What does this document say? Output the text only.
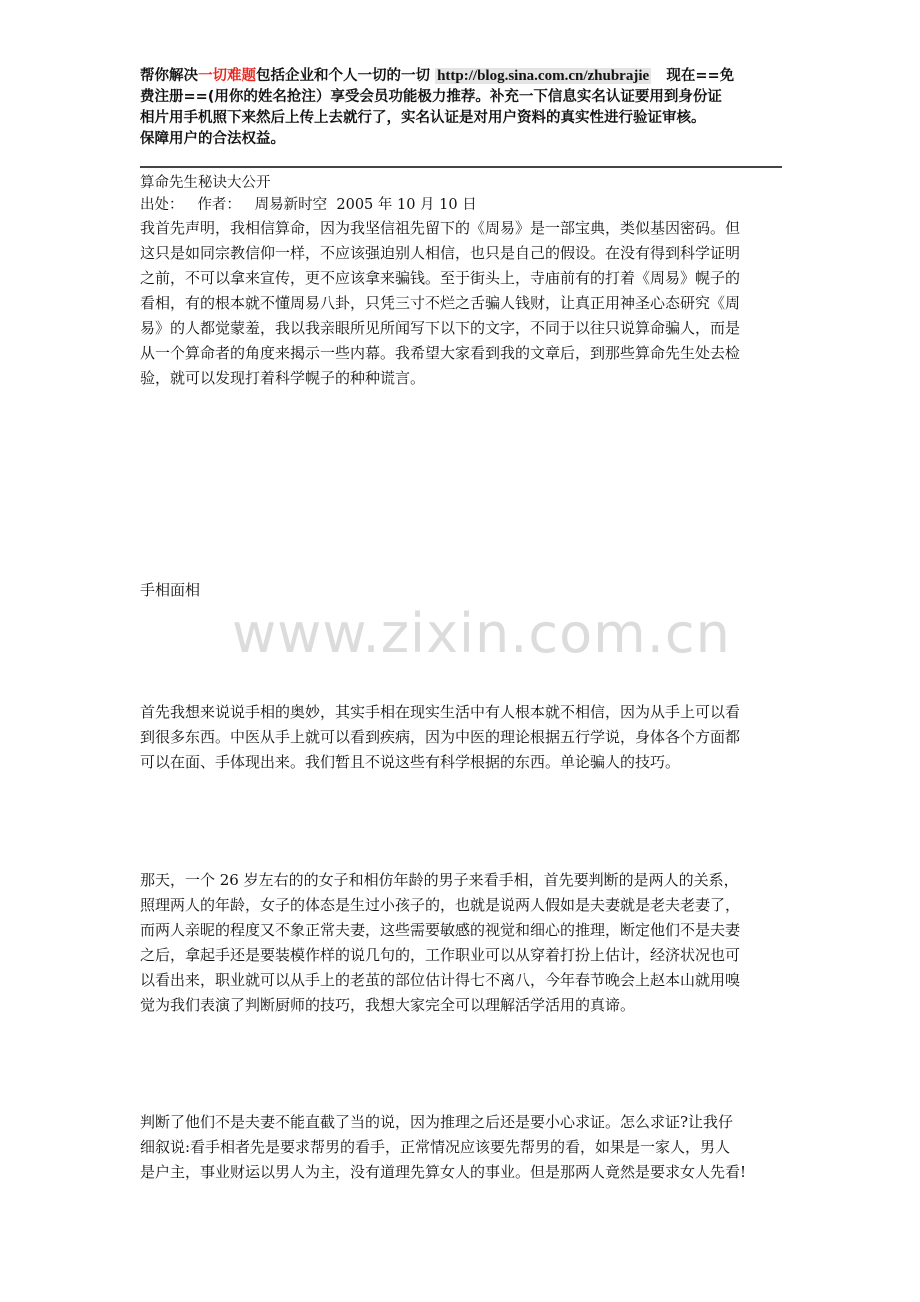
帮你解决一切难题包括企业和个人一切的一切 http://blog.sina.com.cn/zhubrajie   现在==免
费注册==(用你的姓名抢注）享受会员功能极力推荐。补充一下信息实名认证要用到身份证
相片用手机照下来然后上传上去就行了，实名认证是对用户资料的真实性进行验证审核。
保障用户的合法权益。
算命先生秘诀大公开
出处：   作者：   周易新时空  2005 年 10 月 10 日

我首先声明，我相信算命，因为我坚信祖先留下的《周易》是一部宝典，类似基因密码。但

这只是如同宗教信仰一样，不应该强迫别人相信，也只是自己的假设。在没有得到科学证明

之前，不可以拿来宣传，更不应该拿来骗钱。至于街头上，寺庙前有的打着《周易》幌子的

看相，有的根本就不懂周易八卦，只凭三寸不烂之舌骗人钱财，让真正用神圣心态研究《周

易》的人都觉蒙羞，我以我亲眼所见所闻写下以下的文字，不同于以往只说算命骗人，而是

从一个算命者的角度来揭示一些内幕。我希望大家看到我的文章后，到那些算命先生处去检

验，就可以发现打着科学幌子的种种谎言。

手相面相
www.zixin.com.cn

首先我想来说说手相的奥妙，其实手相在现实生活中有人根本就不相信，因为从手上可以看

到很多东西。中医从手上就可以看到疾病，因为中医的理论根据五行学说，身体各个方面都

可以在面、手体现出来。我们暂且不说这些有科学根据的东西。单论骗人的技巧。

那天，一个 26 岁左右的的女子和相仿年龄的男子来看手相，首先要判断的是两人的关系，

照理两人的年龄，女子的体态是生过小孩子的，也就是说两人假如是夫妻就是老夫老妻了，

而两人亲昵的程度又不象正常夫妻，这些需要敏感的视觉和细心的推理，断定他们不是夫妻

之后，拿起手还是要装模作样的说几句的，工作职业可以从穿着打扮上估计，经济状况也可

以看出来，职业就可以从手上的老茧的部位估计得七不离八，今年春节晚会上赵本山就用嗅

觉为我们表演了判断厨师的技巧，我想大家完全可以理解活学活用的真谛。

判断了他们不是夫妻不能直截了当的说，因为推理之后还是要小心求证。怎么求证?让我仔

细叙说:看手相者先是要求帮男的看手，正常情况应该要先帮男的看，如果是一家人，男人

是户主，事业财运以男人为主，没有道理先算女人的事业。但是那两人竟然是要求女人先看!
